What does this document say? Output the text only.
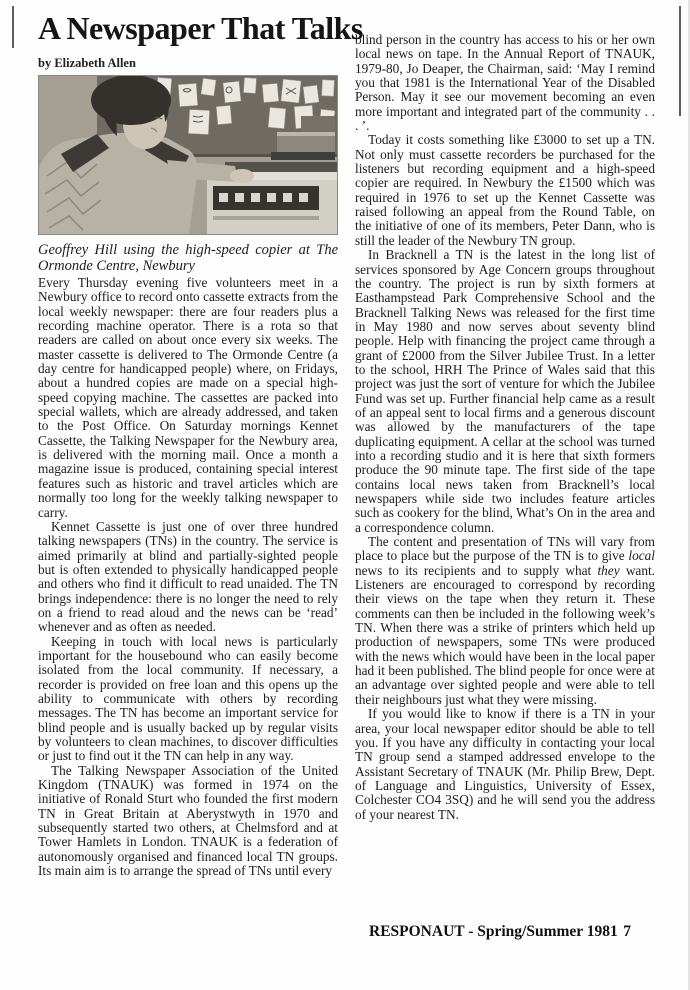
A Newspaper That Talks
by Elizabeth Allen
Geoffrey Hill using the high-speed copier at The Ormonde Centre, Newbury

Every Thursday evening five volunteers meet in a Newbury office to record onto cassette extracts from the local weekly newspaper: there are four readers plus a recording machine operator. There is a rota so that readers are called on about once every six weeks. The master cassette is delivered to The Ormonde Centre (a day centre for handicapped people) where, on Fridays, about a hundred copies are made on a special high-speed copying machine. The cassettes are packed into special wallets, which are already addressed, and taken to the Post Office. On Saturday mornings Kennet Cassette, the Talking Newspaper for the Newbury area, is delivered with the morning mail. Once a month a magazine issue is produced, containing special interest features such as historic and travel articles which are normally too long for the weekly talking newspaper to carry.

Kennet Cassette is just one of over three hundred talking newspapers (TNs) in the country. The service is aimed primarily at blind and partially-sighted people but is often extended to physically handicapped people and others who find it difficult to read unaided. The TN brings independence: there is no longer the need to rely on a friend to read aloud and the news can be ‘read’ whenever and as often as needed.

Keeping in touch with local news is particularly important for the housebound who can easily become isolated from the local community. If necessary, a recorder is provided on free loan and this opens up the ability to communicate with others by recording messages. The TN has become an important service for blind people and is usually backed up by regular visits by volunteers to clean machines, to discover difficulties or just to find out it the TN can help in any way.

The Talking Newspaper Association of the United Kingdom (TNAUK) was formed in 1974 on the initiative of Ronald Sturt who founded the first modern TN in Great Britain at Aberystwyth in 1970 and subsequently started two others, at Chelmsford and at Tower Hamlets in London. TNAUK is a federation of autonomously organised and financed local TN groups. Its main aim is to arrange the spread of TNs until every

blind person in the country has access to his or her own local news on tape. In the Annual Report of TNAUK, 1979-80, Jo Deaper, the Chairman, said: ‘May I remind you that 1981 is the International Year of the Disabled Person. May it see our movement becoming an even more important and integrated part of the community . . . ’.

Today it costs something like £3000 to set up a TN. Not only must cassette recorders be purchased for the listeners but recording equipment and a high-speed copier are required. In Newbury the £1500 which was required in 1976 to set up the Kennet Cassette was raised following an appeal from the Round Table, on the initiative of one of its members, Peter Dann, who is still the leader of the Newbury TN group.

In Bracknell a TN is the latest in the long list of services sponsored by Age Concern groups throughout the country. The project is run by sixth formers at Easthampstead Park Comprehensive School and the Bracknell Talking News was released for the first time in May 1980 and now serves about seventy blind people. Help with financing the project came through a grant of £2000 from the Silver Jubilee Trust. In a letter to the school, HRH The Prince of Wales said that this project was just the sort of venture for which the Jubilee Fund was set up. Further financial help came as a result of an appeal sent to local firms and a generous discount was allowed by the manufacturers of the tape duplicating equipment. A cellar at the school was turned into a recording studio and it is here that sixth formers produce the 90 minute tape. The first side of the tape contains local news taken from Bracknell’s local newspapers while side two includes feature articles such as cookery for the blind, What’s On in the area and a correspondence column.

The content and presentation of TNs will vary from place to place but the purpose of the TN is to give local news to its recipients and to supply what they want. Listeners are encouraged to correspond by recording their views on the tape when they return it. These comments can then be included in the following week’s TN. When there was a strike of printers which held up production of newspapers, some TNs were produced with the news which would have been in the local paper had it been published. The blind people for once were at an advantage over sighted people and were able to tell their neighbours just what they were missing.

If you would like to know if there is a TN in your area, your local newspaper editor should be able to tell you. If you have any difficulty in contacting your local TN group send a stamped addressed envelope to the Assistant Secretary of TNAUK (Mr. Philip Brew, Dept. of Language and Linguistics, University of Essex, Colchester CO4 3SQ) and he will send you the address of your nearest TN.

RESPONAUT - Spring/Summer 1981 7
